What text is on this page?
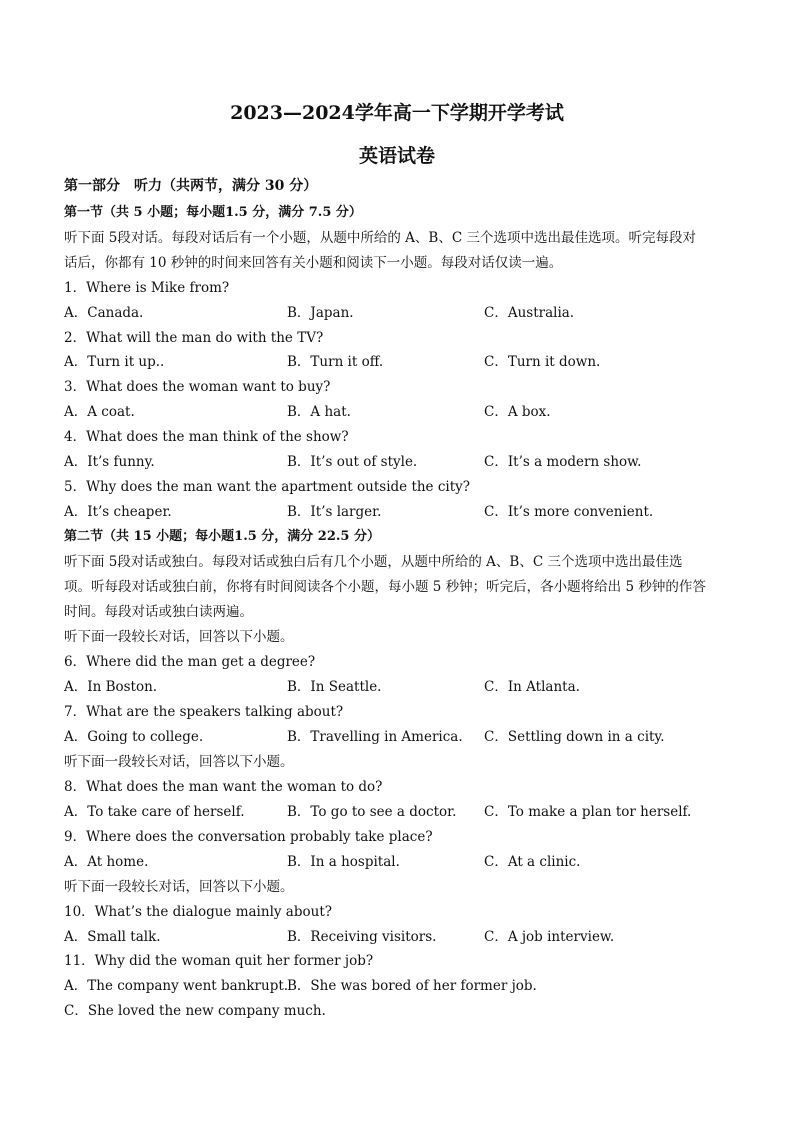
2023—2024学年高一下学期开学考试
英语试卷
第一部分　听力（共两节，满分 30 分）
第一节（共 5 小题；每小题1.5 分，满分 7.5 分）
听下面 5段对话。每段对话后有一个小题，从题中所给的 A、B、C 三个选项中选出最佳选项。听完每段对
话后，你都有 10 秒钟的时间来回答有关小题和阅读下一小题。每段对话仅读一遍。
1．Where is Mike from?
A．Canada.	B．Japan.	C．Australia.
2．What will the man do with the TV?
A．Turn it up..	B．Turn it off.	C．Turn it down.
3．What does the woman want to buy?
A．A coat.	B．A hat.	C．A box.
4．What does the man think of the show?
A．It’s funny.	B．It’s out of style.	C．It’s a modern show.
5．Why does the man want the apartment outside the city?
A．It’s cheaper.	B．It’s larger.	C．It’s more convenient.
第二节（共 15 小题；每小题1.5 分，满分 22.5 分）
听下面 5段对话或独白。每段对话或独白后有几个小题，从题中所给的 A、B、C 三个选项中选出最佳选
项。听每段对话或独白前，你将有时间阅读各个小题，每小题 5 秒钟；听完后，各小题将给出 5 秒钟的作答
时间。每段对话或独白读两遍。
听下面一段较长对话，回答以下小题。
6．Where did the man get a degree?
A．In Boston.	B．In Seattle.	C．In Atlanta.
7．What are the speakers talking about?
A．Going to college.	B．Travelling in America. C．Settling down in a city.
听下面一段较长对话，回答以下小题。
8．What does the man want the woman to do?
A．To take care of herself.	B．To go to see a doctor. C．To make a plan tor herself.
9．Where does the conversation probably take place?
A．At home.	B．In a hospital.	C．At a clinic.
听下面一段较长对话，回答以下小题。
10．What’s the dialogue mainly about?
A．Small talk.	B．Receiving visitors.	C．A job interview.
11．Why did the woman quit her former job?
A．The company went bankrupt.
B．She was bored of her former job.
C．She loved the new company much.
